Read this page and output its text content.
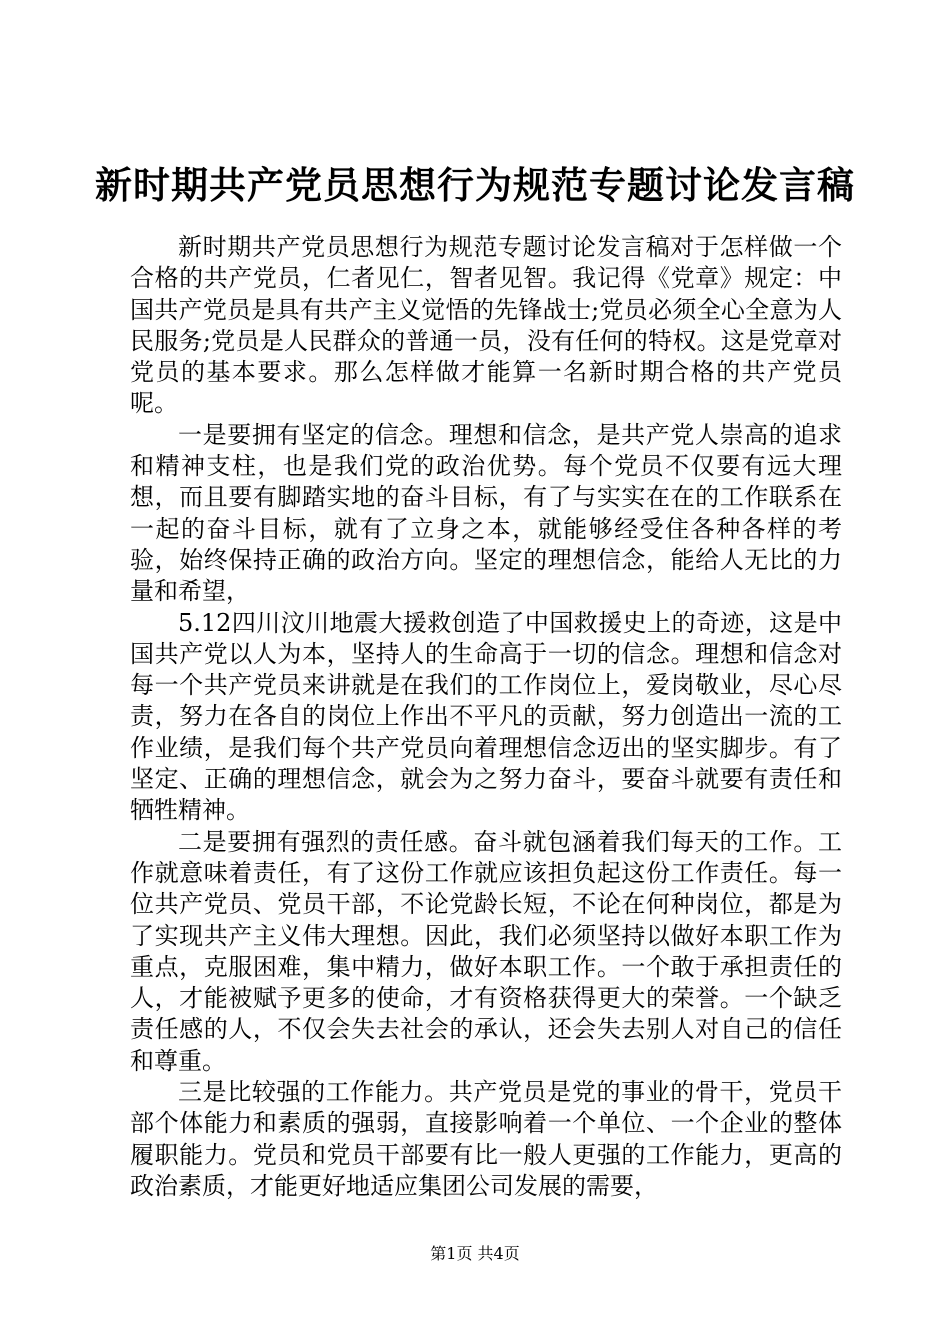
新时期共产党员思想行为规范专题讨论发言稿

新时期共产党员思想行为规范专题讨论发言稿对于怎样做一个合格的共产党员，仁者见仁，智者见智。我记得《党章》规定：中国共产党员是具有共产主义觉悟的先锋战士;党员必须全心全意为人民服务;党员是人民群众的普通一员，没有任何的特权。这是党章对党员的基本要求。那么怎样做才能算一名新时期合格的共产党员呢。

一是要拥有坚定的信念。理想和信念，是共产党人崇高的追求和精神支柱，也是我们党的政治优势。每个党员不仅要有远大理想，而且要有脚踏实地的奋斗目标，有了与实实在在的工作联系在一起的奋斗目标，就有了立身之本，就能够经受住各种各样的考验，始终保持正确的政治方向。坚定的理想信念，能给人无比的力量和希望，

5.12四川汶川地震大援救创造了中国救援史上的奇迹，这是中国共产党以人为本，坚持人的生命高于一切的信念。理想和信念对每一个共产党员来讲就是在我们的工作岗位上，爱岗敬业，尽心尽责，努力在各自的岗位上作出不平凡的贡献，努力创造出一流的工作业绩，是我们每个共产党员向着理想信念迈出的坚实脚步。有了坚定、正确的理想信念，就会为之努力奋斗，要奋斗就要有责任和牺牲精神。

二是要拥有强烈的责任感。奋斗就包涵着我们每天的工作。工作就意味着责任，有了这份工作就应该担负起这份工作责任。每一位共产党员、党员干部，不论党龄长短，不论在何种岗位，都是为了实现共产主义伟大理想。因此，我们必须坚持以做好本职工作为重点，克服困难，集中精力，做好本职工作。一个敢于承担责任的人，才能被赋予更多的使命，才有资格获得更大的荣誉。一个缺乏责任感的人，不仅会失去社会的承认，还会失去别人对自己的信任和尊重。

三是比较强的工作能力。共产党员是党的事业的骨干，党员干部个体能力和素质的强弱，直接影响着一个单位、一个企业的整体履职能力。党员和党员干部要有比一般人更强的工作能力，更高的政治素质，才能更好地适应集团公司发展的需要，

第1页 共4页
